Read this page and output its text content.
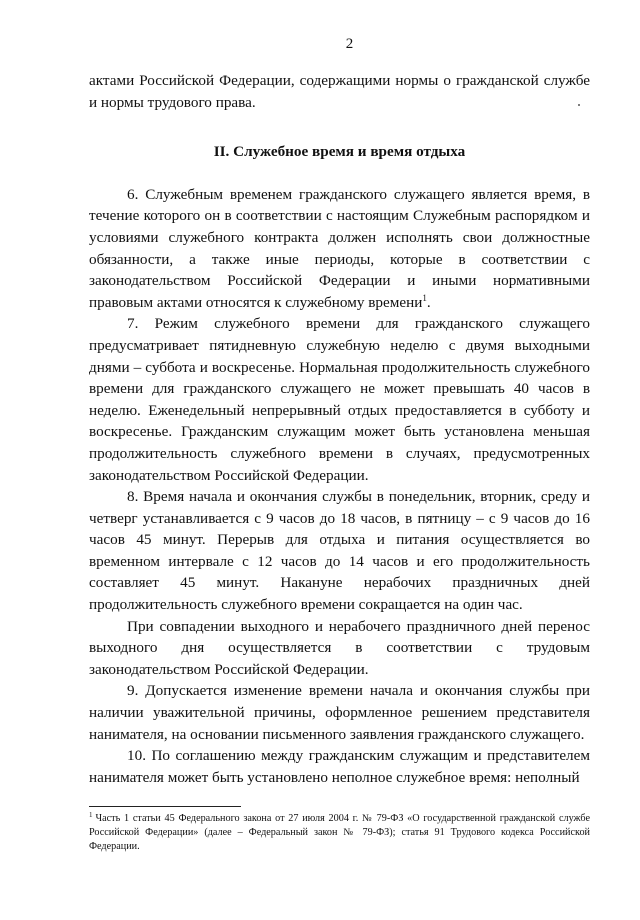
2

актами Российской Федерации, содержащими нормы о гражданской службе и нормы трудового права.

II. Служебное время и время отдыха

6. Служебным временем гражданского служащего является время, в течение которого он в соответствии с настоящим Служебным распорядком и условиями служебного контракта должен исполнять свои должностные обязанности, а также иные периоды, которые в соответствии с законодательством Российской Федерации и иными нормативными правовым актами относятся к служебному времени$^1$.

7. Режим служебного времени для гражданского служащего предусматривает пятидневную служебную неделю с двумя выходными днями – суббота и воскресенье. Нормальная продолжительность служебного времени для гражданского служащего не может превышать 40 часов в неделю. Еженедельный непрерывный отдых предоставляется в субботу и воскресенье. Гражданским служащим может быть установлена меньшая продолжительность служебного времени в случаях, предусмотренных законодательством Российской Федерации.

8. Время начала и окончания службы в понедельник, вторник, среду и четверг устанавливается с 9 часов до 18 часов, в пятницу – с 9 часов до 16 часов 45 минут. Перерыв для отдыха и питания осуществляется во временном интервале с 12 часов до 14 часов и его продолжительность составляет 45 минут. Накануне нерабочих праздничных дней продолжительность служебного времени сокращается на один час.

При совпадении выходного и нерабочего праздничного дней перенос выходного дня осуществляется в соответствии с трудовым законодательством Российской Федерации.

9. Допускается изменение времени начала и окончания службы при наличии уважительной причины, оформленное решением представителя нанимателя, на основании письменного заявления гражданского служащего.

10. По соглашению между гражданским служащим и представителем нанимателя может быть установлено неполное служебное время: неполный

$^1$ Часть 1 статьи 45 Федерального закона от 27 июля 2004 г. № 79-ФЗ «О государственной гражданской службе Российской Федерации» (далее – Федеральный закон № 79-ФЗ); статья 91 Трудового кодекса Российской Федерации.
